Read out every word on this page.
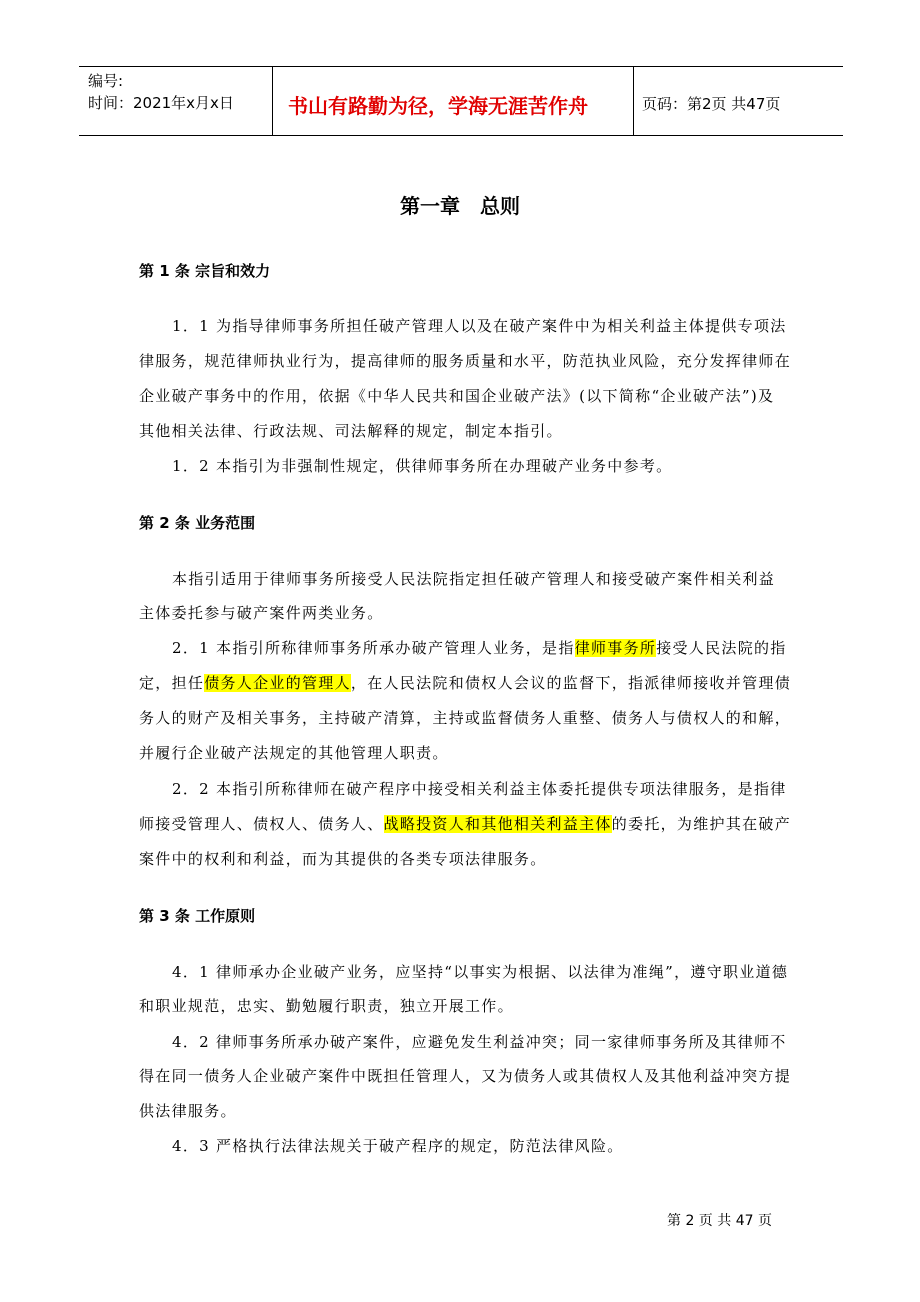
编号:
时间：2021年x月x日	书山有路勤为径，学海无涯苦作舟	页码：第2页 共47页
第一章　总则
第 1 条 宗旨和效力
1．1 为指导律师事务所担任破产管理人以及在破产案件中为相关利益主体提供专项法
律服务，规范律师执业行为，提高律师的服务质量和水平，防范执业风险，充分发挥律师在
企业破产事务中的作用，依据《中华人民共和国企业破产法》(以下简称“企业破产法”)及
其他相关法律、行政法规、司法解释的规定，制定本指引。
1．2 本指引为非强制性规定，供律师事务所在办理破产业务中参考。
第 2 条 业务范围
本指引适用于律师事务所接受人民法院指定担任破产管理人和接受破产案件相关利益
主体委托参与破产案件两类业务。
2．1 本指引所称律师事务所承办破产管理人业务，是指律师事务所接受人民法院的指
定，担任债务人企业的管理人，在人民法院和债权人会议的监督下，指派律师接收并管理债
务人的财产及相关事务，主持破产清算，主持或监督债务人重整、债务人与债权人的和解，
并履行企业破产法规定的其他管理人职责。
2．2 本指引所称律师在破产程序中接受相关利益主体委托提供专项法律服务，是指律
师接受管理人、债权人、债务人、战略投资人和其他相关利益主体的委托，为维护其在破产
案件中的权利和利益，而为其提供的各类专项法律服务。
第 3 条 工作原则
4．1 律师承办企业破产业务，应坚持“以事实为根据、以法律为准绳”，遵守职业道德
和职业规范，忠实、勤勉履行职责，独立开展工作。
4．2 律师事务所承办破产案件，应避免发生利益冲突；同一家律师事务所及其律师不
得在同一债务人企业破产案件中既担任管理人，又为债务人或其债权人及其他利益冲突方提
供法律服务。
4．3 严格执行法律法规关于破产程序的规定，防范法律风险。
第 2 页 共 47 页
